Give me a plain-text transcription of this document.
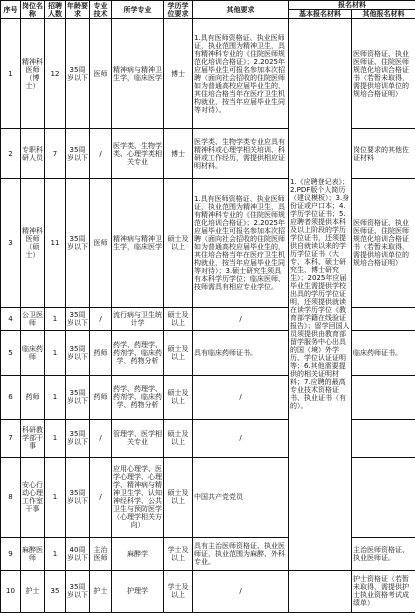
序号	岗位名称	招聘人数	年龄要求	专业技术	所学专业	学历学位要求	其他要求	报名材料	
								基本报名材料	其他报名材料
1	精神科医师（博士）	12	35周岁以下	医师	精神病与精神卫生学，临床医学	博士	1.具有医师资格证、执业医师证，执业范围为精神卫生，具有精神科专业的《住院医师规范化培训合格证》；2.2025年应届毕业生可报名参加本次招聘（面向社会招收的住院医师如为普通高校应届毕业生的，其住培合格当年在医疗卫生机构就业，按当年应届毕业生同等对待）。	1.《应聘登记表》；2.PDF版个人简历（建议模板）；3.身份证或户口本；4.学历学位证书；5.应聘者须提供本科及以上阶段的学历学位证书，还须提供自就读以来的学历学位证书（大专、本科、硕士研究生、博士研究生）；2025年应届毕业生需提供学校出具的学历学位证明，还须提供就读在读学历学位《教育部学籍在线验证报告》；留学回国人员须提供由教育部留学服务中心出具的国（境）外学历、学位认证证明等；6.其他需要提供的相关证明材料；7.应聘的最高专业技术资格证书、执业证书（有的）。	医师资格证、执业医师证、住院医师规范化培训合格证书（若暂未取得，需提供培训单位的规培合格证明）
2	专职科研人员	7	35周岁以下	/	医学类、生物学类、心理学类相关专业	博士	医学类、生物学类专业应具有精神科或心理学相关培训、科研或工作经历，需提供相应证明材料。		岗位要求的其他佐证材料
3	精神科医师（硕士）	11	35周岁以下	医师	精神病与精神卫生学，临床医学	硕士及以上	1.具有医师资格证、执业医师证，执业范围为精神卫生，具有精神科专业的《住院医师规范化培训合格证》；2.2025年应届毕业生可报名参加本次招聘（面向社会招收的住院医师如为普通高校应届毕业生的，其住培合格当年在医疗卫生机构就业，按当年应届毕业生同等对待）；3.硕士研究生须具有本科学历学位；临床医师、技师需具有相应专业学位。		医师资格证、执业医师证、住院医师规范化培训合格证书（若暂未取得，需提供培训单位的规培合格证明）
4	公卫医师	1	35周岁以下	/	流行病与卫生统计学	硕士及以上	/		
5	临床药师	1	35周岁以下	药师	药学、药理学、药剂学、临床药学、药物分析	硕士及以上	具有临床药师证书。		临床药师证书。
6	药师	1	35周岁以下	药师	药学、药理学、药剂学、临床药学、药物分析	硕士及以上	/		
7	科研教学部干事	1	35周岁以下	/	管理学、医学相关专业	硕士及以上	/		
8	安心行动心理工作室干事	1	35周岁以下	/	应用心理学、医学心理学、心理学、精神病与精神卫生学、认知神经科学、公共卫生与预防医学（心理学相关方向）	硕士及以上	中国共产党党员		
9	麻醉医师	1	40周岁以下	主治医师	麻醉学	学士及以上	具有主治医师资格证、执业医师证，执业范围为麻醉、外科专业。		主治医师资格证、执业医师证。
10	护士	35	35周岁以下	护士	护理学	学士及以上	/		护士资格证（若暂未取得，需提供护士执业资格考试成绩单）
